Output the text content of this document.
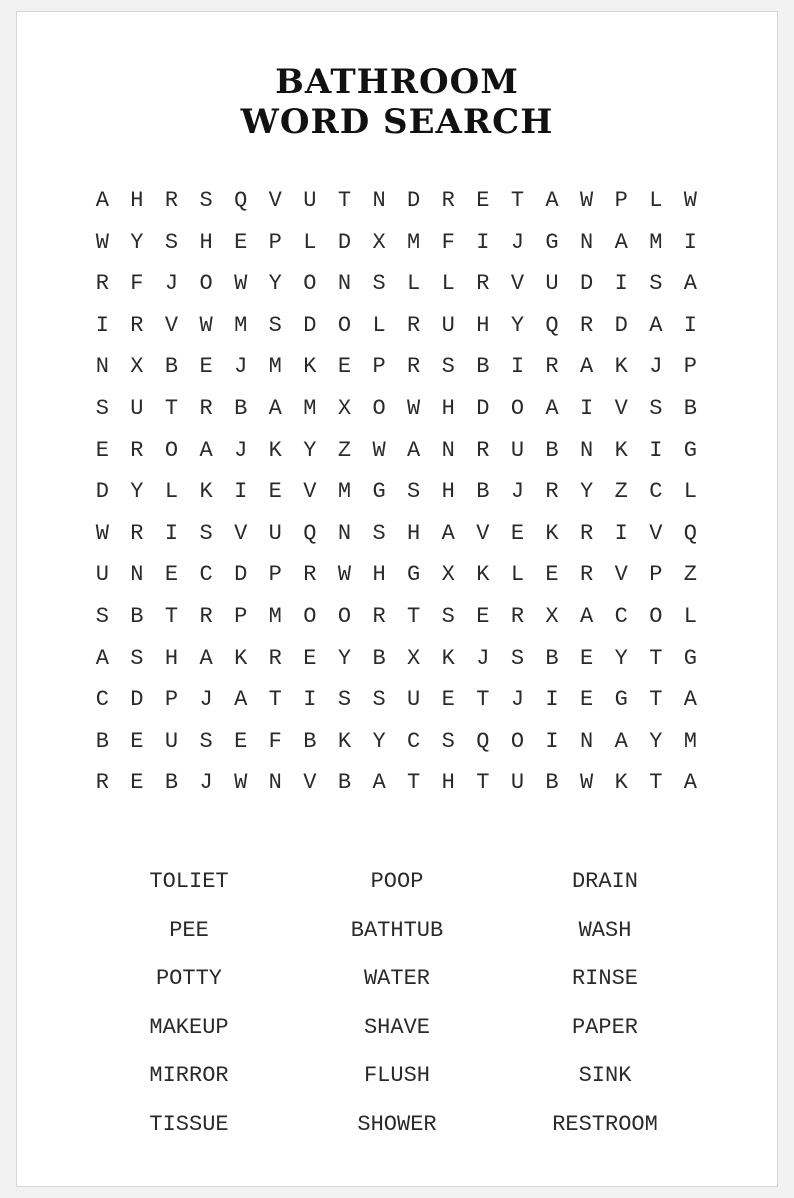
BATHROOM
WORD SEARCH
A H R S Q V U T N D R E T A W P L W
W Y S H E P L D X M F I J G N A M I
R F J O W Y O N S L L R V U D I S A
I R V W M S D O L R U H Y Q R D A I
N X B E J M K E P R S B I R A K J P
S U T R B A M X O W H D O A I V S B
E R O A J K Y Z W A N R U B N K I G
D Y L K I E V M G S H B J R Y Z C L
W R I S V U Q N S H A V E K R I V Q
U N E C D P R W H G X K L E R V P Z
S B T R P M O O R T S E R X A C O L
A S H A K R E Y B X K J S B E Y T G
C D P J A T I S S U E T J I E G T A
B E U S E F B K Y C S Q O I N A Y M
R E B J W N V B A T H T U B W K T A
TOLIET	POOP	DRAIN
PEE	BATHTUB	WASH
POTTY	WATER	RINSE
MAKEUP	SHAVE	PAPER
MIRROR	FLUSH	SINK
TISSUE	SHOWER	RESTROOM
